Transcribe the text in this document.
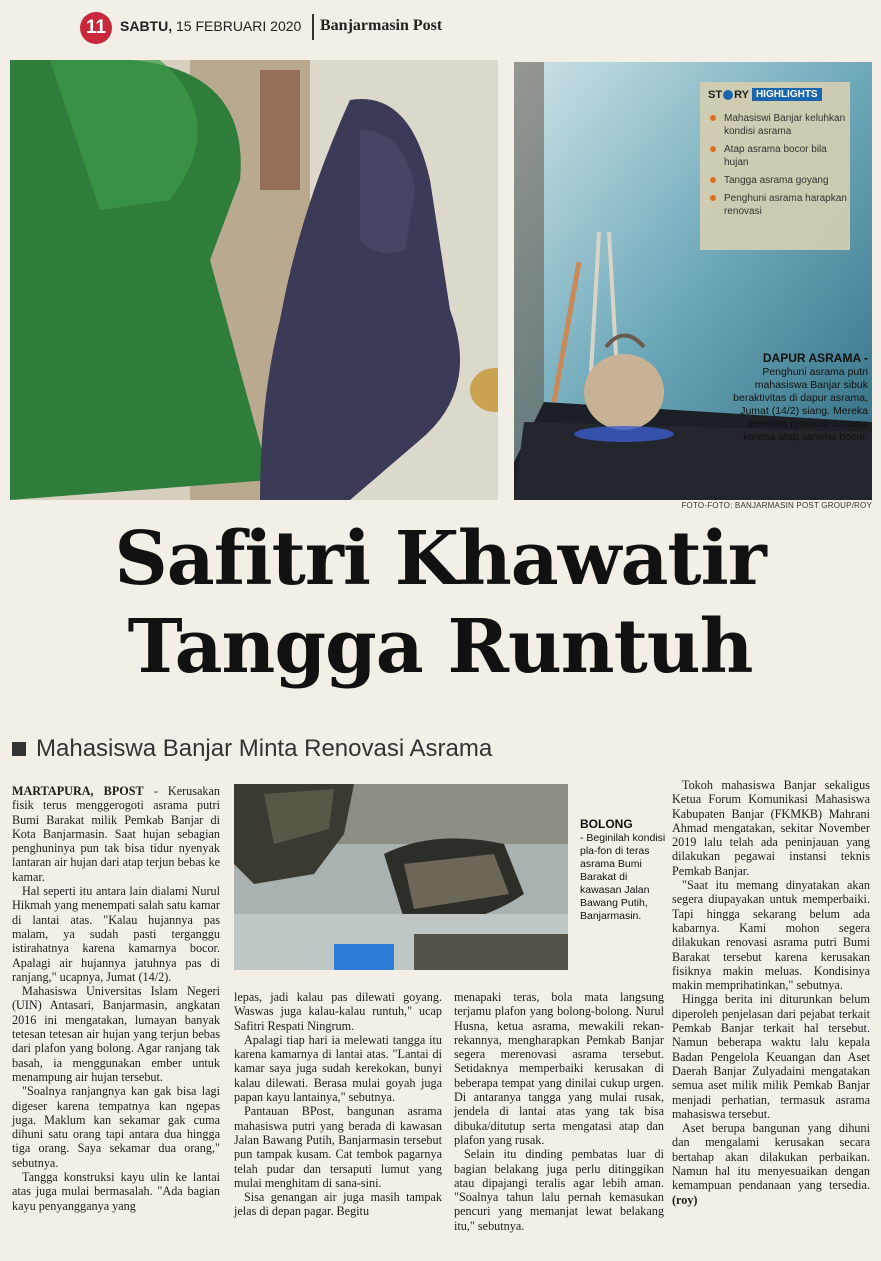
11 SABTU, 15 FEBRUARI 2020 Banjarmasin Post
ST RY HIGHLIGHTS
Mahasiswi Banjar keluhkan kondisi asrama
Atap asrama bocor bila hujan
Tangga asrama goyang
Penghuni asrama harapkan renovasi
DAPUR ASRAMA - Penghuni asrama putri mahasiswa Banjar sibuk beraktivitas di dapur asrama, Jumat (14/2) siang. Mereka meminta renovasi asrama karena atap asrama bocor.
FOTO-FOTO: BANJARMASIN POST GROUP/ROY
Safitri Khawatir
Tangga Runtuh
Mahasiswa Banjar Minta Renovasi Asrama

MARTAPURA, BPOST - Kerusakan fisik terus menggerogoti asrama putri Bumi Barakat milik Pemkab Banjar di Kota Banjarmasin. Saat hujan sebagian penghuninya pun tak bisa tidur nyenyak lantaran air hujan dari atap terjun bebas ke kamar.

Hal seperti itu antara lain dialami Nurul Hikmah yang menempati salah satu kamar di lantai atas. "Kalau hujannya pas malam, ya sudah pasti terganggu istirahatnya karena kamarnya bocor. Apalagi air hujannya jatuhnya pas di ranjang," ucapnya, Jumat (14/2).

Mahasiswa Universitas Islam Negeri (UIN) Antasari, Banjarmasin, angkatan 2016 ini mengatakan, lumayan banyak tetesan tetesan air hujan yang terjun bebas dari plafon yang bolong. Agar ranjang tak basah, ia menggunakan ember untuk menampung air hujan tersebut.

"Soalnya ranjangnya kan gak bisa lagi digeser karena tempatnya kan ngepas juga. Maklum kan sekamar gak cuma dihuni satu orang tapi antara dua hingga tiga orang. Saya sekamar dua orang," sebutnya.

Tangga konstruksi kayu ulin ke lantai atas juga mulai bermasalah. "Ada bagian kayu penyangganya yang

BOLONG
- Beginilah kondisi pla-fon di teras asrama Bumi Barakat di kawasan Jalan Bawang Putih, Banjarmasin.

lepas, jadi kalau pas dilewati goyang. Waswas juga kalau-kalau runtuh," ucap Safitri Respati Ningrum.

Apalagi tiap hari ia melewati tangga itu karena kamarnya di lantai atas. "Lantai di kamar saya juga sudah kerekokan, bunyi kalau dilewati. Berasa mulai goyah juga papan kayu lantainya," sebutnya.

Pantauan BPost, bangunan asrama mahasiswa putri yang berada di kawasan Jalan Bawang Putih, Banjarmasin tersebut pun tampak kusam. Cat tembok pagarnya telah pudar dan tersaputi lumut yang mulai menghitam di sana-sini.

Sisa genangan air juga masih tampak jelas di depan pagar. Begitu

menapaki teras, bola mata langsung terjamu plafon yang bolong-bolong. Nurul Husna, ketua asrama, mewakili rekan-rekannya, mengharapkan Pemkab Banjar segera merenovasi asrama tersebut. Setidaknya memperbaiki kerusakan di beberapa tempat yang dinilai cukup urgen. Di antaranya tangga yang mulai rusak, jendela di lantai atas yang tak bisa dibuka/ditutup serta mengatasi atap dan plafon yang rusak.

Selain itu dinding pembatas luar di bagian belakang juga perlu ditinggikan atau dipajangi teralis agar lebih aman. "Soalnya tahun lalu pernah kemasukan pencuri yang memanjat lewat belakang itu," sebutnya.

Tokoh mahasiswa Banjar sekaligus Ketua Forum Komunikasi Mahasiswa Kabupaten Banjar (FKMKB) Mahrani Ahmad mengatakan, sekitar November 2019 lalu telah ada peninjauan yang dilakukan pegawai instansi teknis Pemkab Banjar.

"Saat itu memang dinyatakan akan segera diupayakan untuk memperbaiki. Tapi hingga sekarang belum ada kabarnya. Kami mohon segera dilakukan renovasi asrama putri Bumi Barakat tersebut karena kerusakan fisiknya makin meluas. Kondisinya makin memprihatinkan," sebutnya.

Hingga berita ini diturunkan belum diperoleh penjelasan dari pejabat terkait Pemkab Banjar terkait hal tersebut. Namun beberapa waktu lalu kepala Badan Pengelola Keuangan dan Aset Daerah Banjar Zulyadaini mengatakan semua aset milik milik Pemkab Banjar menjadi perhatian, termasuk asrama mahasiswa tersebut.

Aset berupa bangunan yang dihuni dan mengalami kerusakan secara bertahap akan dilakukan perbaikan. Namun hal itu menyesuaikan dengan kemampuan pendanaan yang tersedia. (roy)
